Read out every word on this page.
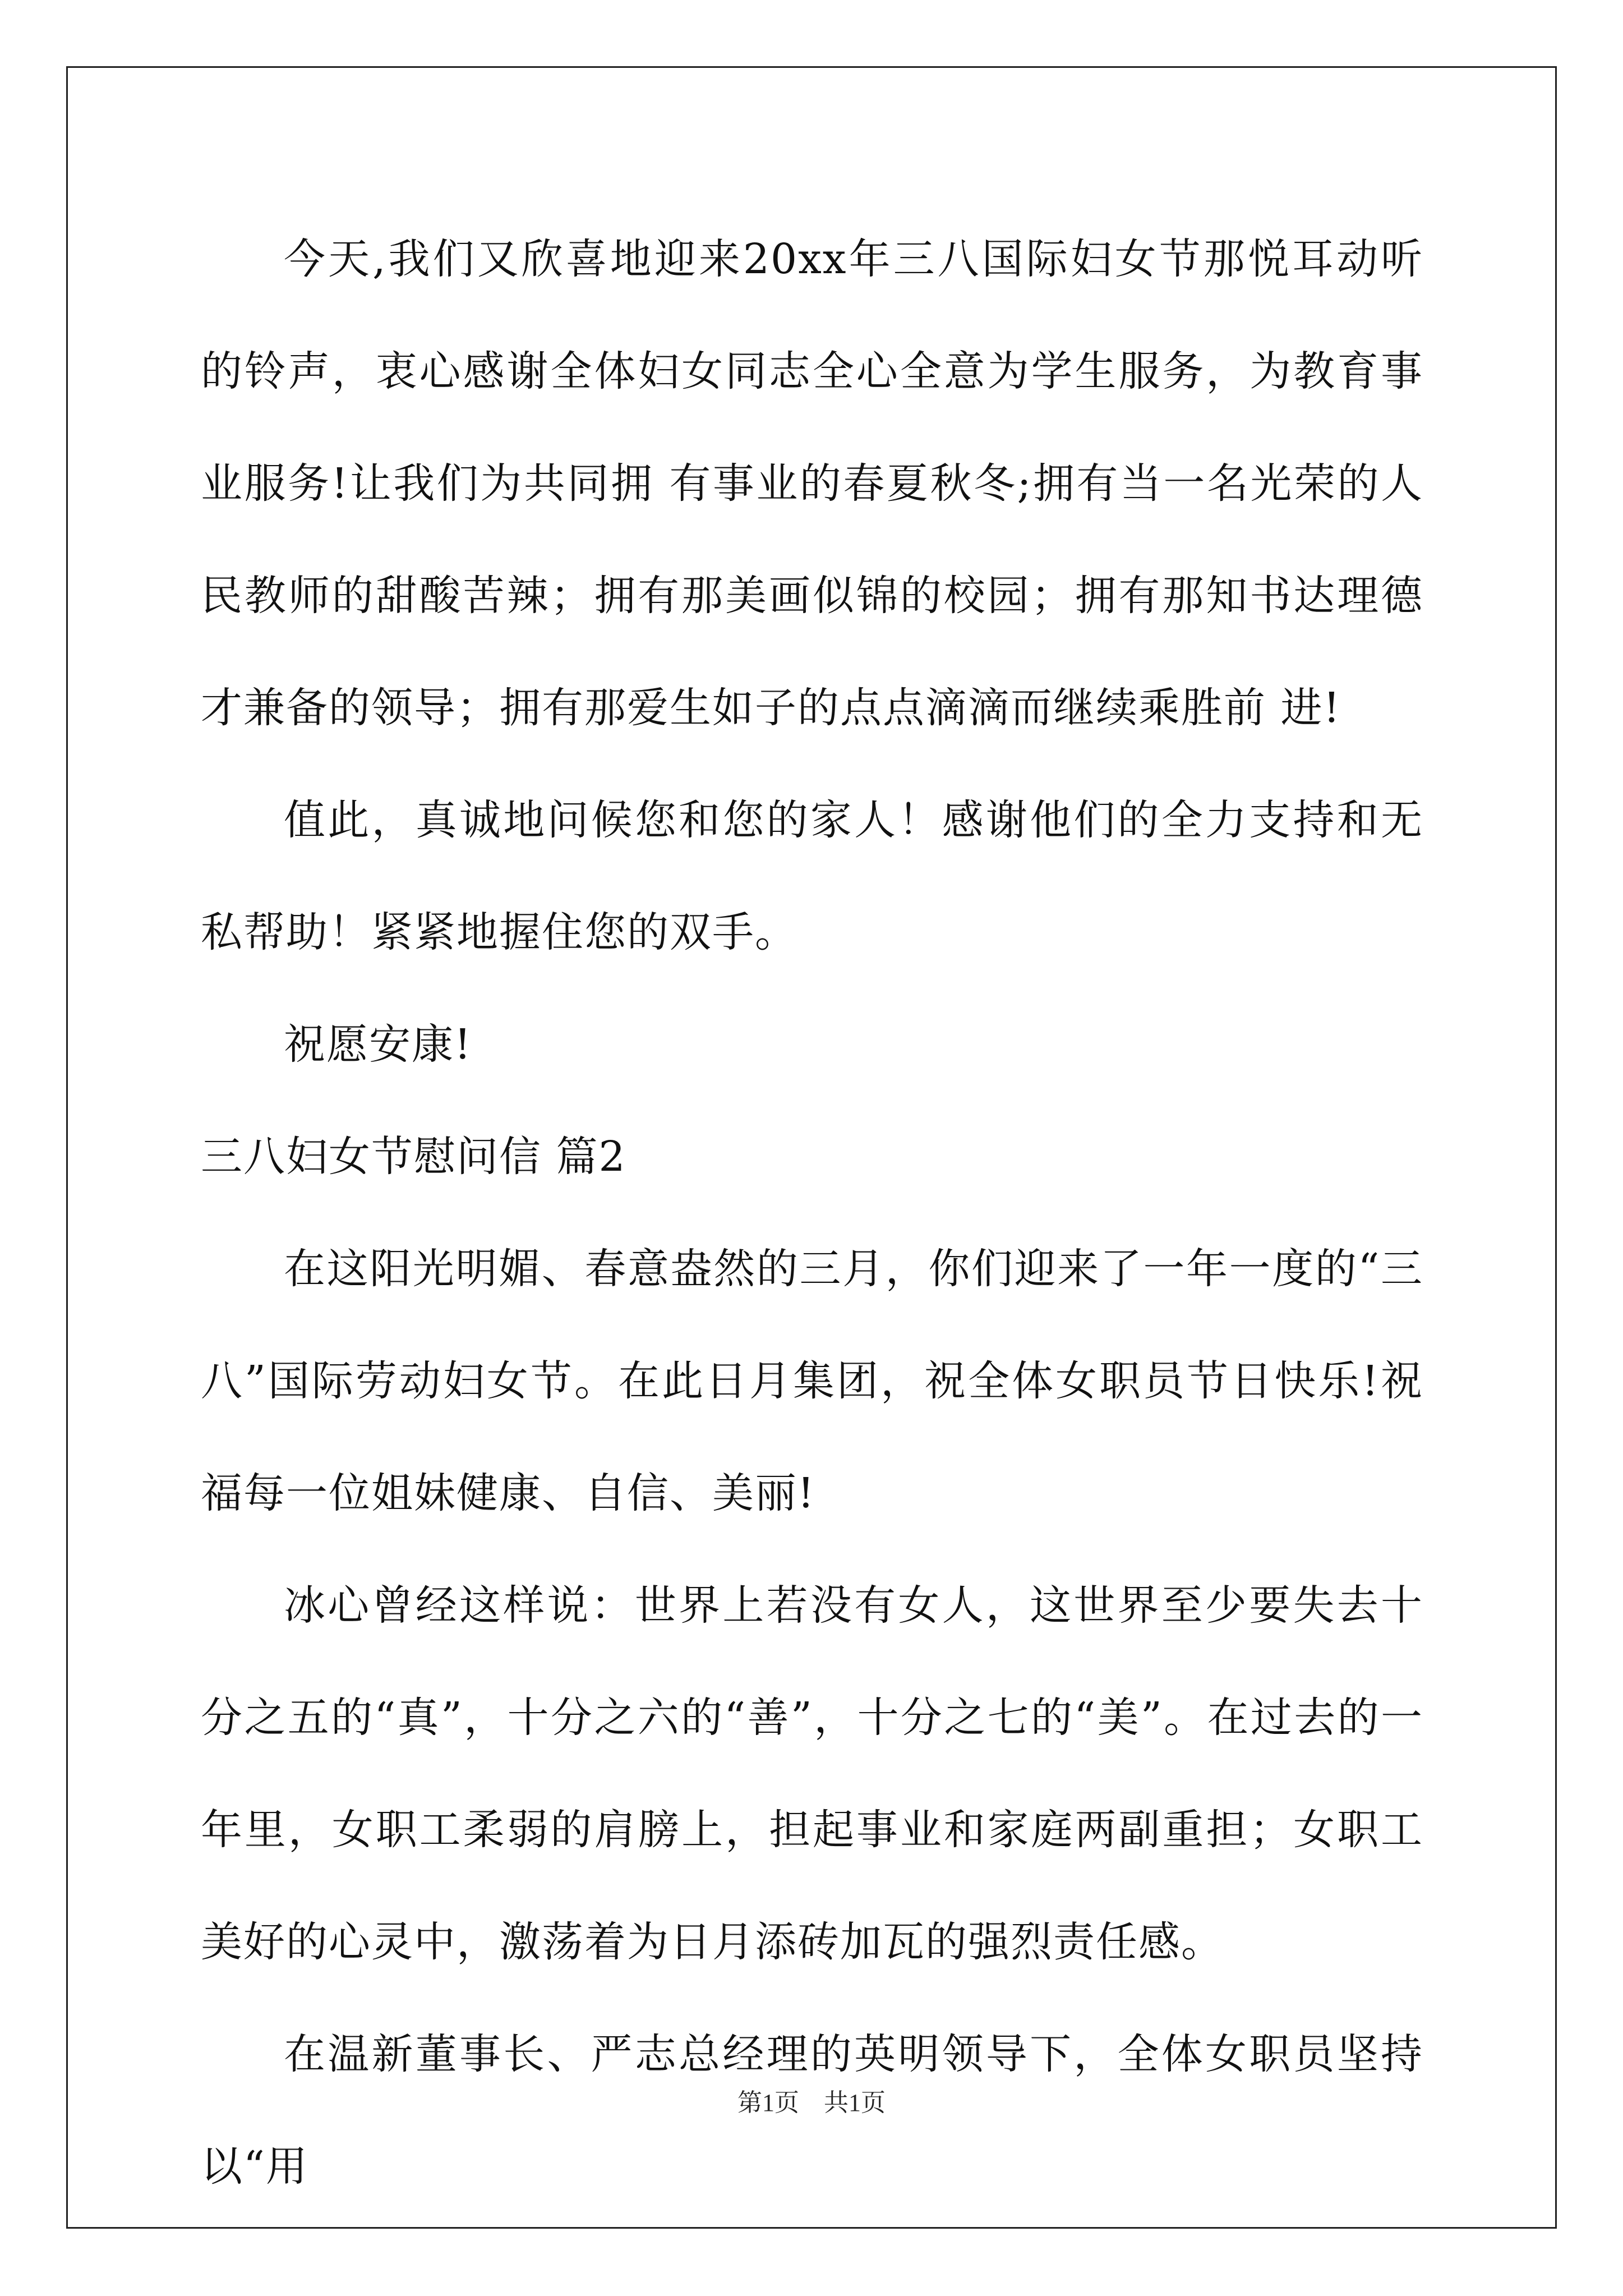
今天,我们又欣喜地迎来20xx年三八国际妇女节那悦耳动听的铃声，衷心感谢全体妇女同志全心全意为学生服务，为教育事业服务!让我们为共同拥 有事业的春夏秋冬;拥有当一名光荣的人民教师的甜酸苦辣；拥有那美画似锦的校园；拥有那知书达理德才兼备的领导；拥有那爱生如子的点点滴滴而继续乘胜前 进!

值此，真诚地问候您和您的家人！感谢他们的全力支持和无私帮助！紧紧地握住您的双手。

祝愿安康!

三八妇女节慰问信 篇2

在这阳光明媚、春意盎然的三月，你们迎来了一年一度的“三八”国际劳动妇女节。在此日月集团，祝全体女职员节日快乐!祝福每一位姐妹健康、自信、美丽!

冰心曾经这样说：世界上若没有女人，这世界至少要失去十分之五的“真”，十分之六的“善”，十分之七的“美”。在过去的一年里，女职工柔弱的肩膀上，担起事业和家庭两副重担；女职工美好的心灵中，激荡着为日月添砖加瓦的强烈责任感。

在温新董事长、严志总经理的英明领导下，全体女职员坚持以“用

第1页　共1页
